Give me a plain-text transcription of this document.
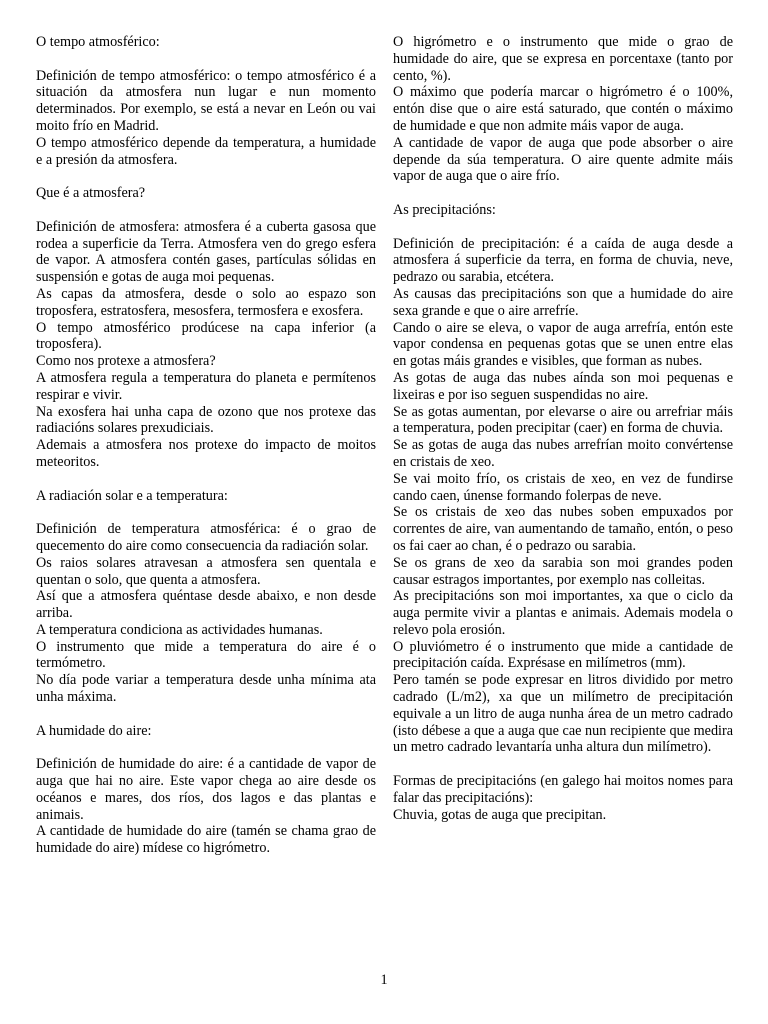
O tempo atmosférico:

Definición de tempo atmosférico: o tempo atmosférico é a situación da atmosfera nun lugar e nun momento determinados. Por exemplo, se está a nevar en León ou vai moito frío en Madrid.

O tempo atmosférico depende da temperatura, a humidade e a presión da atmosfera.

Que é a atmosfera?

Definición de atmosfera: atmosfera é a cuberta gasosa que rodea a superficie da Terra. Atmosfera ven do grego esfera de vapor. A atmosfera contén gases, partículas sólidas en suspensión e gotas de auga moi pequenas.

As capas da atmosfera, desde o solo ao espazo son troposfera, estratosfera, mesosfera, termosfera e exosfera.

O tempo atmosférico prodúcese na capa inferior (a troposfera).

Como nos protexe a atmosfera?

A atmosfera regula a temperatura do planeta e permítenos respirar e vivir.

Na exosfera hai unha capa de ozono que nos protexe das radiacións solares prexudiciais.

Ademais a atmosfera nos protexe do impacto de moitos meteoritos.

A radiación solar e a temperatura:

Definición de temperatura atmosférica: é o grao de quecemento do aire como consecuencia da radiación solar.

Os raios solares atravesan a atmosfera sen quentala e quentan o solo, que quenta a atmosfera.

Así que a atmosfera quéntase desde abaixo, e non desde arriba.

A temperatura condiciona as actividades humanas.

O instrumento que mide a temperatura do aire é o termómetro.

No día pode variar a temperatura desde unha mínima ata unha máxima.

A humidade do aire:

Definición de humidade do aire: é a cantidade de vapor de auga que hai no aire. Este vapor chega ao aire desde os océanos e mares, dos ríos, dos lagos e das plantas e animais.

A cantidade de humidade do aire (tamén se chama grao de humidade do aire) mídese co higrómetro.

O higrómetro e o instrumento que mide o grao de humidade do aire, que se expresa en porcentaxe (tanto por cento, %).

O máximo que podería marcar o higrómetro é o 100%, entón dise que o aire está saturado, que contén o máximo de humidade e que non admite máis vapor de auga.

A cantidade de vapor de auga que pode absorber o aire depende da súa temperatura. O aire quente admite máis vapor de auga que o aire frío.

As precipitacións:

Definición de precipitación: é a caída de auga desde a atmosfera á superficie da terra, en forma de chuvia, neve, pedrazo ou sarabia, etcétera.

As causas das precipitacións son que a humidade do aire sexa grande e que o aire arrefríe.

Cando o aire se eleva, o vapor de auga arrefría, entón este vapor condensa en pequenas gotas que se unen entre elas en gotas máis grandes e visibles, que forman as nubes.

As gotas de auga das nubes aínda son moi pequenas e lixeiras e por iso seguen suspendidas no aire.

Se as gotas aumentan, por elevarse o aire ou arrefriar máis a temperatura, poden precipitar (caer) en forma de chuvia.

Se as gotas de auga das nubes arrefrían moito convértense en cristais de xeo.

Se vai moito frío, os cristais de xeo, en vez de fundirse cando caen, únense formando folerpas de neve.

Se os cristais de xeo das nubes soben empuxados por correntes de aire, van aumentando de tamaño, entón, o peso os fai caer ao chan, é o pedrazo ou sarabia.

Se os grans de xeo da sarabia son moi grandes poden causar estragos importantes, por exemplo nas colleitas.

As precipitacións son moi importantes, xa que o ciclo da auga permite vivir a plantas e animais. Ademais modela o relevo pola erosión.

O pluviómetro é o instrumento que mide a cantidade de precipitación caída. Exprésase en milímetros (mm).

Pero tamén se pode expresar en litros dividido por metro cadrado (L/m2), xa que un milímetro de precipitación equivale a un litro de auga nunha área de un metro cadrado (isto débese a que a auga que cae nun recipiente que medira un metro cadrado levantaría unha altura dun milímetro).

Formas de precipitacións (en galego hai moitos nomes para falar das precipitacións):

Chuvia, gotas de auga que precipitan.

1
